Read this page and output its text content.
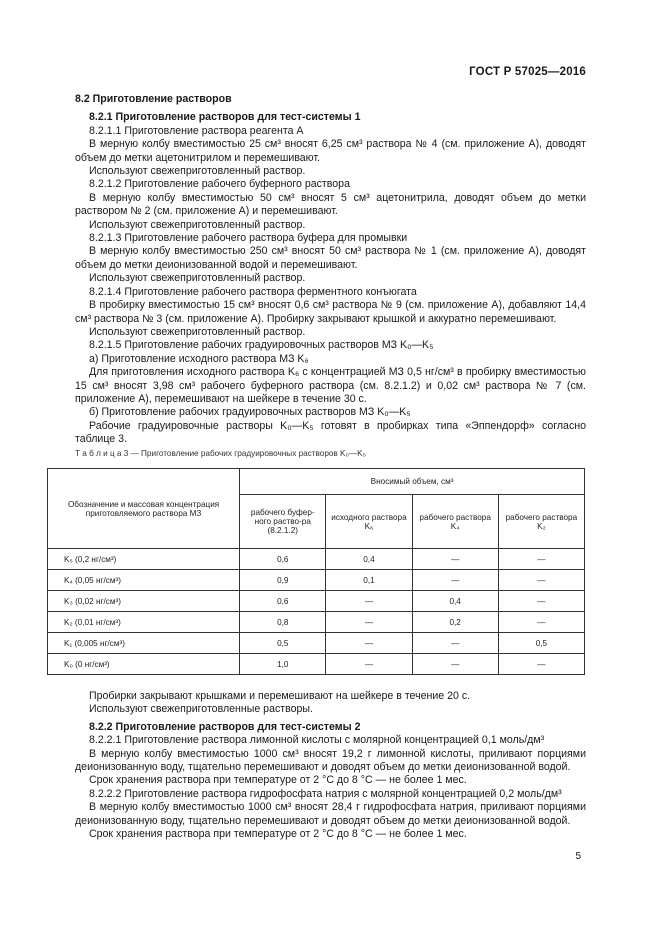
ГОСТ Р 57025—2016

8.2 Приготовление растворов

8.2.1 Приготовление растворов для тест-системы 1

8.2.1.1 Приготовление раствора реагента А

В мерную колбу вместимостью 25 см³ вносят 6,25 см³ раствора № 4 (см. приложение А), доводят объем до метки ацетонитрилом и перемешивают.

Используют свежеприготовленный раствор.

8.2.1.2 Приготовление рабочего буферного раствора

В мерную колбу вместимостью 50 см³ вносят 5 см³ ацетонитрила, доводят объем до метки раствором № 2 (см. приложение А) и перемешивают.

Используют свежеприготовленный раствор.

8.2.1.3 Приготовление рабочего раствора буфера для промывки

В мерную колбу вместимостью 250 см³ вносят 50 см³ раствора № 1 (см. приложение А), доводят объем до метки деионизованной водой и перемешивают.

Используют свежеприготовленный раствор.

8.2.1.4 Приготовление рабочего раствора ферментного конъюгата

В пробирку вместимостью 15 см³ вносят 0,6 см³ раствора № 9 (см. приложение А), добавляют 14,4 см³ раствора № 3 (см. приложение А). Пробирку закрывают крышкой и аккуратно перемешивают.

Используют свежеприготовленный раствор.

8.2.1.5 Приготовление рабочих градуировочных растворов МЗ K₀—K₅

а) Приготовление исходного раствора МЗ K₆

Для приготовления исходного раствора K₆ с концентрацией МЗ 0,5 нг/см³ в пробирку вместимостью 15 см³ вносят 3,98 см³ рабочего буферного раствора (см. 8.2.1.2) и 0,02 см³ раствора № 7 (см. приложение А), перемешивают на шейкере в течение 30 с.

б) Приготовление рабочих градуировочных растворов МЗ K₀—K₅

Рабочие градуировочные растворы K₀—K₅ готовят в пробирках типа «Эппендорф» согласно таблице 3.

Т а б л и ц а 3 — Приготовление рабочих градуировочных растворов K₀—K₅

Обозначение и массовая концентрация приготовляемого раствора МЗ	Вносимый объем, см³			
	рабочего буфер-ного раство-ра (8.2.1.2)	исходного раствора K₆	рабочего раствора K₄	рабочего раствора K₂
K₅ (0,2 нг/см³)	0,6	0,4	—	—
K₄ (0,05 нг/см³)	0,9	0,1	—	—
K₃ (0,02 нг/см³)	0,6	—	0,4	—
K₂ (0,01 нг/см³)	0,8	—	0,2	—
K₁ (0,005 нг/см³)	0,5	—	—	0,5
K₀ (0 нг/см³)	1,0	—	—	—

Пробирки закрывают крышками и перемешивают на шейкере в течение 20 с.

Используют свежеприготовленные растворы.

8.2.2 Приготовление растворов для тест-системы 2

8.2.2.1 Приготовление раствора лимонной кислоты с молярной концентрацией 0,1 моль/дм³

В мерную колбу вместимостью 1000 см³ вносят 19,2 г лимонной кислоты, приливают порциями деионизованную воду, тщательно перемешивают и доводят объем до метки деионизованной водой.

Срок хранения раствора при температуре от 2 °С до 8 °С — не более 1 мес.

8.2.2.2 Приготовление раствора гидрофосфата натрия с молярной концентрацией 0,2 моль/дм³

В мерную колбу вместимостью 1000 см³ вносят 28,4 г гидрофосфата натрия, приливают порциями деионизованную воду, тщательно перемешивают и доводят объем до метки деионизованной водой.

Срок хранения раствора при температуре от 2 °С до 8 °С — не более 1 мес.

5
